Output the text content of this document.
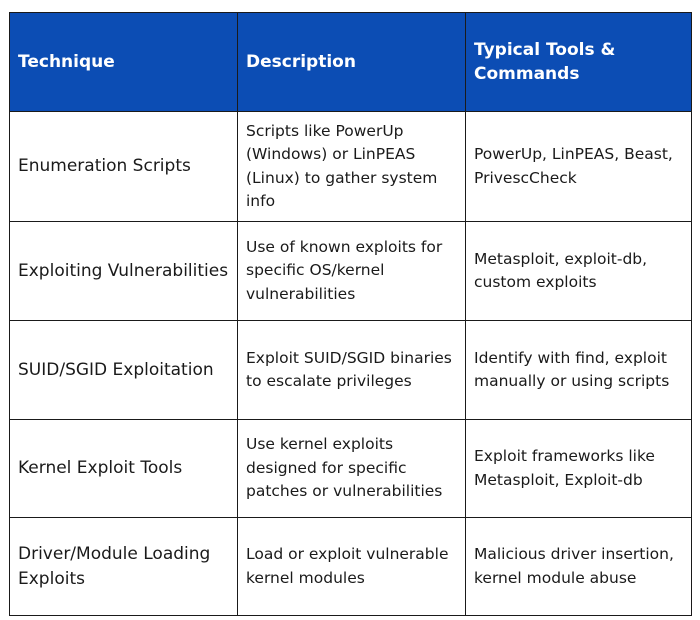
Technique	Description	Typical Tools & Commands
Enumeration Scripts	Scripts like PowerUp (Windows) or LinPEAS (Linux) to gather system info	PowerUp, LinPEAS, Beast, PrivescCheck
Exploiting Vulnerabilities	Use of known exploits for specific OS/kernel vulnerabilities	Metasploit, exploit-db, custom exploits
SUID/SGID Exploitation	Exploit SUID/SGID binaries to escalate privileges	Identify with find, exploit manually or using scripts
Kernel Exploit Tools	Use kernel exploits designed for specific patches or vulnerabilities	Exploit frameworks like Metasploit, Exploit-db
Driver/Module Loading Exploits	Load or exploit vulnerable kernel modules	Malicious driver insertion, kernel module abuse
